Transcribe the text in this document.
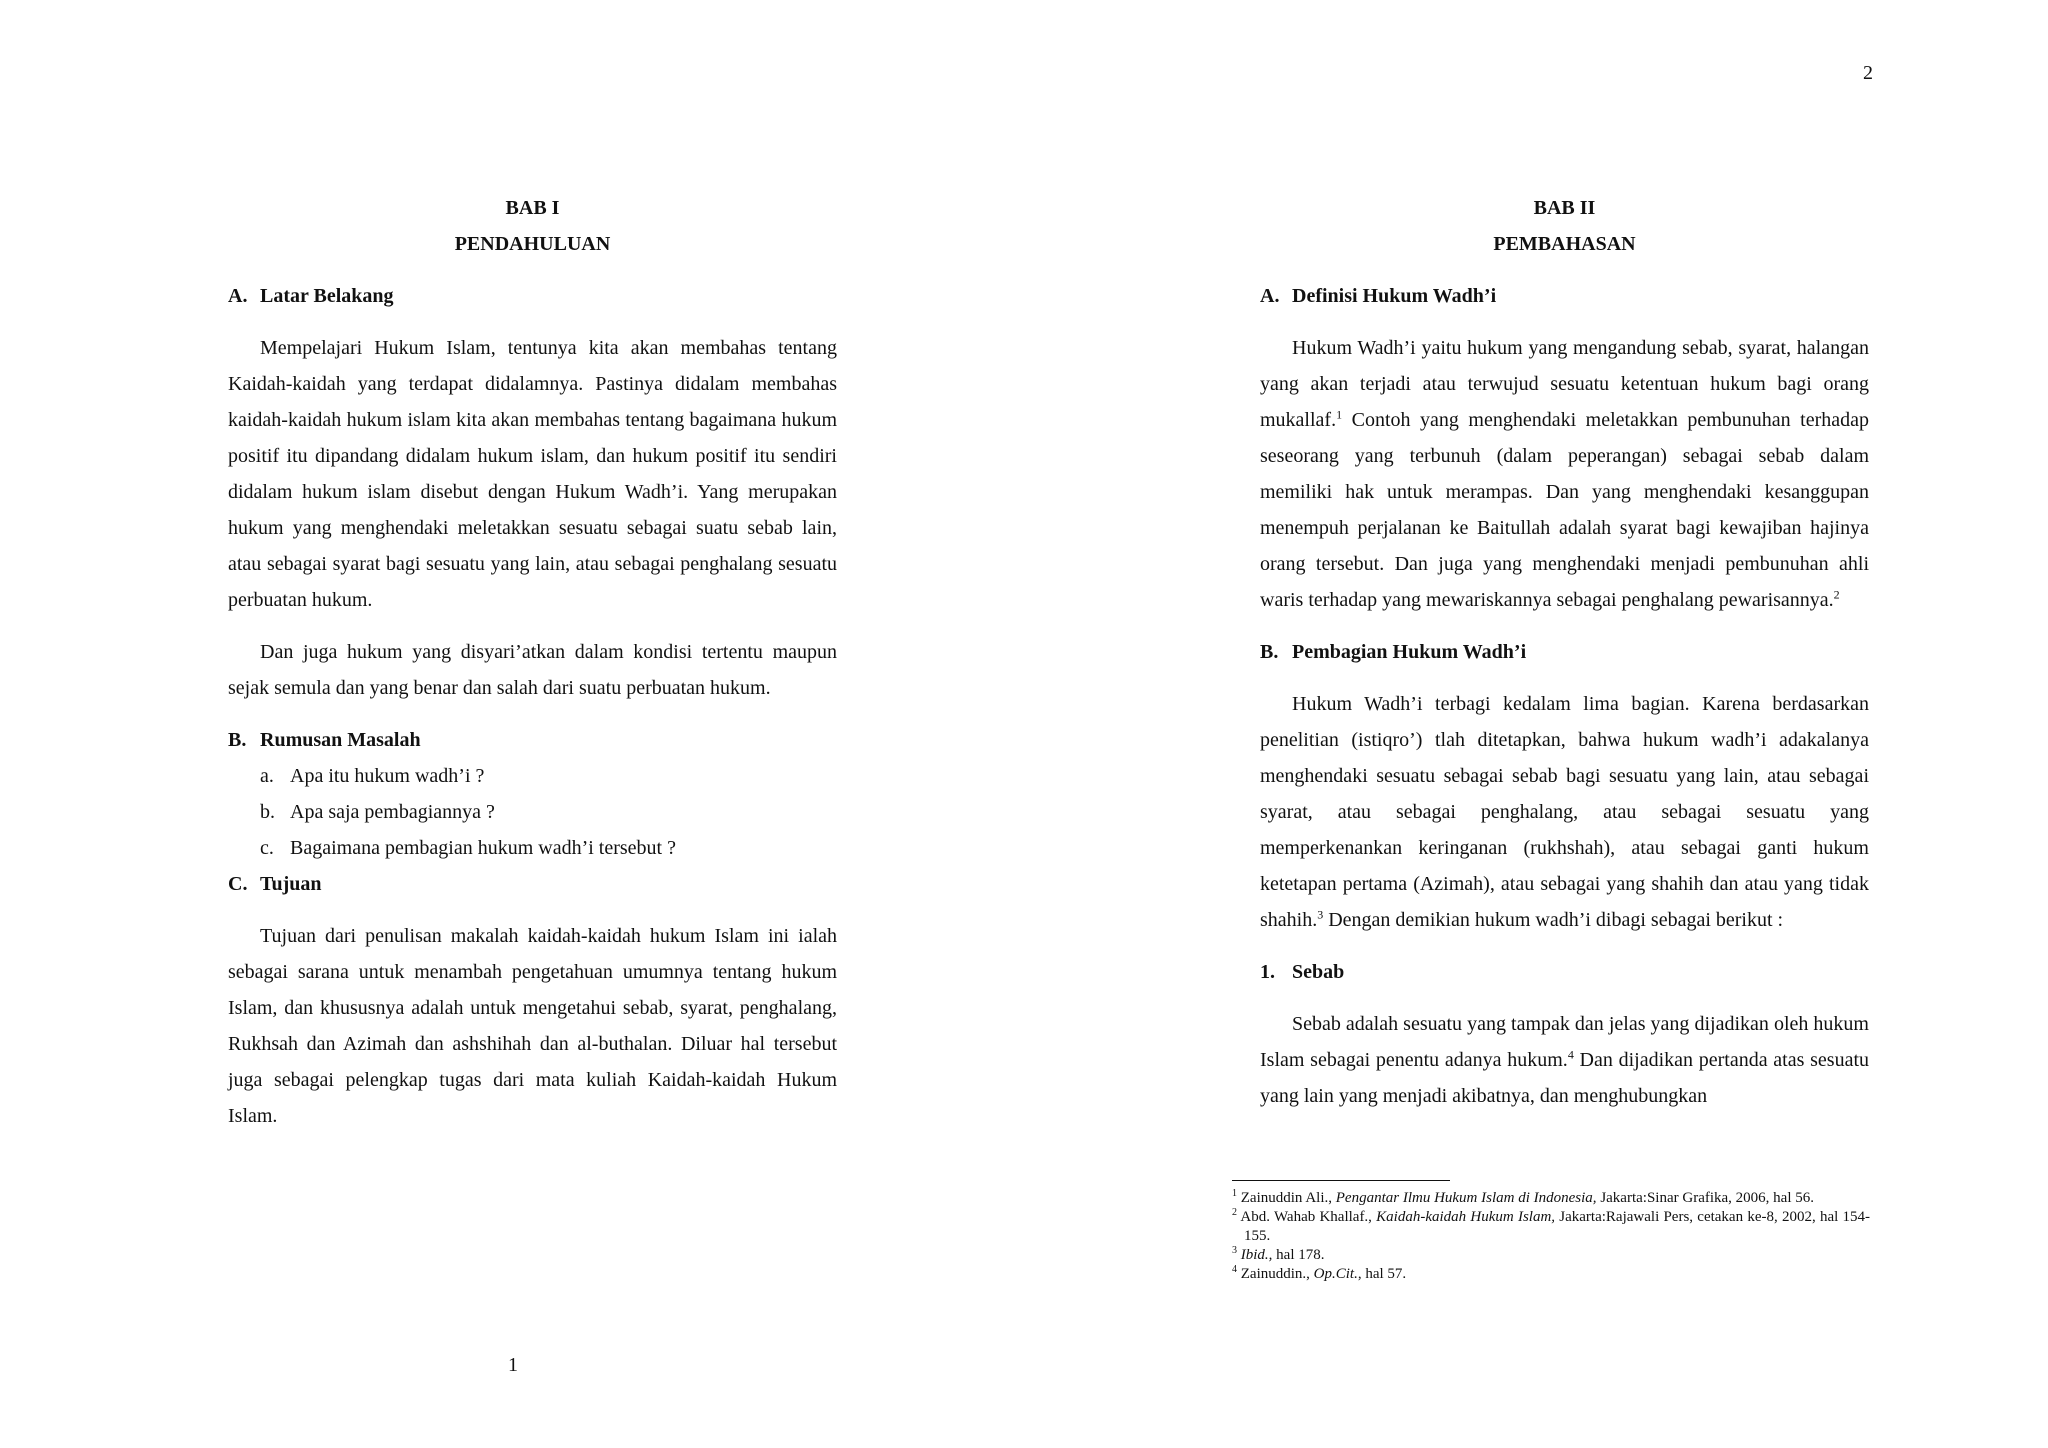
BAB I
PENDAHULUAN
A. Latar Belakang

Mempelajari Hukum Islam, tentunya kita akan membahas tentang Kaidah-kaidah yang terdapat didalamnya. Pastinya didalam membahas kaidah-kaidah hukum islam kita akan membahas tentang bagaimana hukum positif itu dipandang didalam hukum islam, dan hukum positif itu sendiri didalam hukum islam disebut dengan Hukum Wadh’i. Yang merupakan hukum yang menghendaki meletakkan sesuatu sebagai suatu sebab lain, atau sebagai syarat bagi sesuatu yang lain, atau sebagai penghalang sesuatu perbuatan hukum.

Dan juga hukum yang disyari’atkan dalam kondisi tertentu maupun sejak semula dan yang benar dan salah dari suatu perbuatan hukum.

B. Rumusan Masalah
a. Apa itu hukum wadh’i ?
b. Apa saja pembagiannya ?
c. Bagaimana pembagian hukum wadh’i tersebut ?
C. Tujuan

Tujuan dari penulisan makalah kaidah-kaidah hukum Islam ini ialah sebagai sarana untuk menambah pengetahuan umumnya tentang hukum Islam, dan khususnya adalah untuk mengetahui sebab, syarat, penghalang, Rukhsah dan Azimah dan ashshihah dan al-buthalan. Diluar hal tersebut juga sebagai pelengkap tugas dari mata kuliah Kaidah-kaidah Hukum Islam.

1
2
BAB II
PEMBAHASAN
A. Definisi Hukum Wadh’i

Hukum Wadh’i yaitu hukum yang mengandung sebab, syarat, halangan yang akan terjadi atau terwujud sesuatu ketentuan hukum bagi orang mukallaf.$^1$ Contoh yang menghendaki meletakkan pembunuhan terhadap seseorang yang terbunuh (dalam peperangan) sebagai sebab dalam memiliki hak untuk merampas. Dan yang menghendaki kesanggupan menempuh perjalanan ke Baitullah adalah syarat bagi kewajiban hajinya orang tersebut. Dan juga yang menghendaki menjadi pembunuhan ahli waris terhadap yang mewariskannya sebagai penghalang pewarisannya.$^2$

B. Pembagian Hukum Wadh’i

Hukum Wadh’i terbagi kedalam lima bagian. Karena berdasarkan penelitian (istiqro’) tlah ditetapkan, bahwa hukum wadh’i adakalanya menghendaki sesuatu sebagai sebab bagi sesuatu yang lain, atau sebagai syarat, atau sebagai penghalang, atau sebagai sesuatu yang memperkenankan keringanan (rukhshah), atau sebagai ganti hukum ketetapan pertama (Azimah), atau sebagai yang shahih dan atau yang tidak shahih.$^3$ Dengan demikian hukum wadh’i dibagi sebagai berikut :

1. Sebab

Sebab adalah sesuatu yang tampak dan jelas yang dijadikan oleh hukum Islam sebagai penentu adanya hukum.$^4$ Dan dijadikan pertanda atas sesuatu yang lain yang menjadi akibatnya, dan menghubungkan

$^1$ Zainuddin Ali., Pengantar Ilmu Hukum Islam di Indonesia, Jakarta:Sinar Grafika, 2006, hal 56.
$^2$ Abd. Wahab Khallaf., Kaidah-kaidah Hukum Islam, Jakarta:Rajawali Pers, cetakan ke-8, 2002, hal 154-155.
$^3$ Ibid., hal 178.
$^4$ Zainuddin., Op.Cit., hal 57.
